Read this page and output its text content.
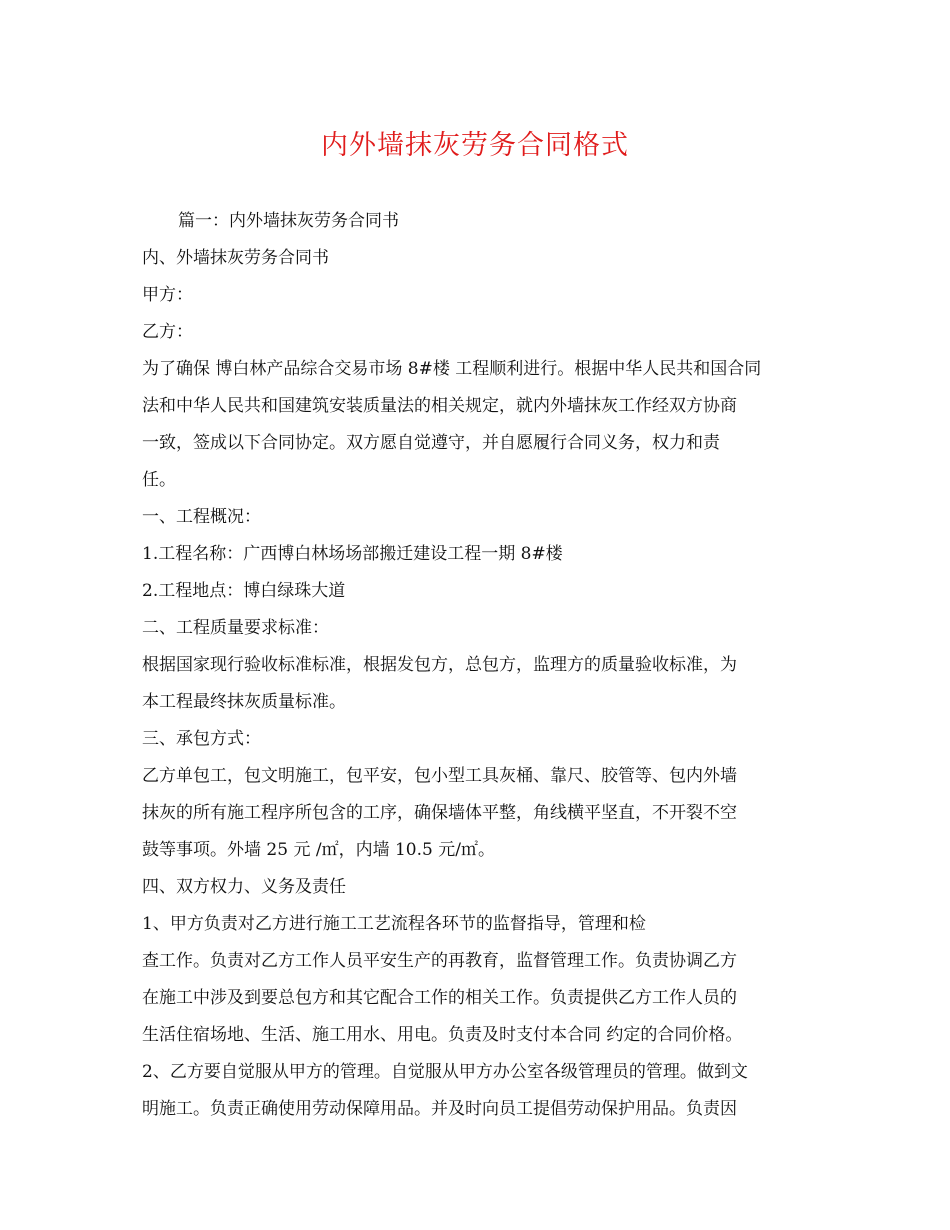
内外墙抹灰劳务合同格式
篇一：内外墙抹灰劳务合同书
内、外墙抹灰劳务合同书
甲方：
乙方：
为了确保 博白林产品综合交易市场 8#楼 工程顺利进行。根据中华人民共和国合同
法和中华人民共和国建筑安装质量法的相关规定，就内外墙抹灰工作经双方协商
一致，签成以下合同协定。双方愿自觉遵守，并自愿履行合同义务，权力和责
任。
一、工程概况：
1.工程名称：广西博白林场场部搬迁建设工程一期 8#楼
2.工程地点：博白绿珠大道
二、工程质量要求标准：
根据国家现行验收标准标准，根据发包方，总包方，监理方的质量验收标准，为
本工程最终抹灰质量标准。
三、承包方式：
乙方单包工，包文明施工，包平安，包小型工具灰桶、靠尺、胶管等、包内外墙
抹灰的所有施工程序所包含的工序，确保墙体平整，角线横平坚直，不开裂不空
鼓等事项。外墙 25 元 /㎡，内墙 10.5 元/㎡。
四、双方权力、义务及责任
1、甲方负责对乙方进行施工工艺流程各环节的监督指导，管理和检
查工作。负责对乙方工作人员平安生产的再教育，监督管理工作。负责协调乙方
在施工中涉及到要总包方和其它配合工作的相关工作。负责提供乙方工作人员的
生活住宿场地、生活、施工用水、用电。负责及时支付本合同 约定的合同价格。
2、乙方要自觉服从甲方的管理。自觉服从甲方办公室各级管理员的管理。做到文
明施工。负责正确使用劳动保障用品。并及时向员工提倡劳动保护用品。负责因
